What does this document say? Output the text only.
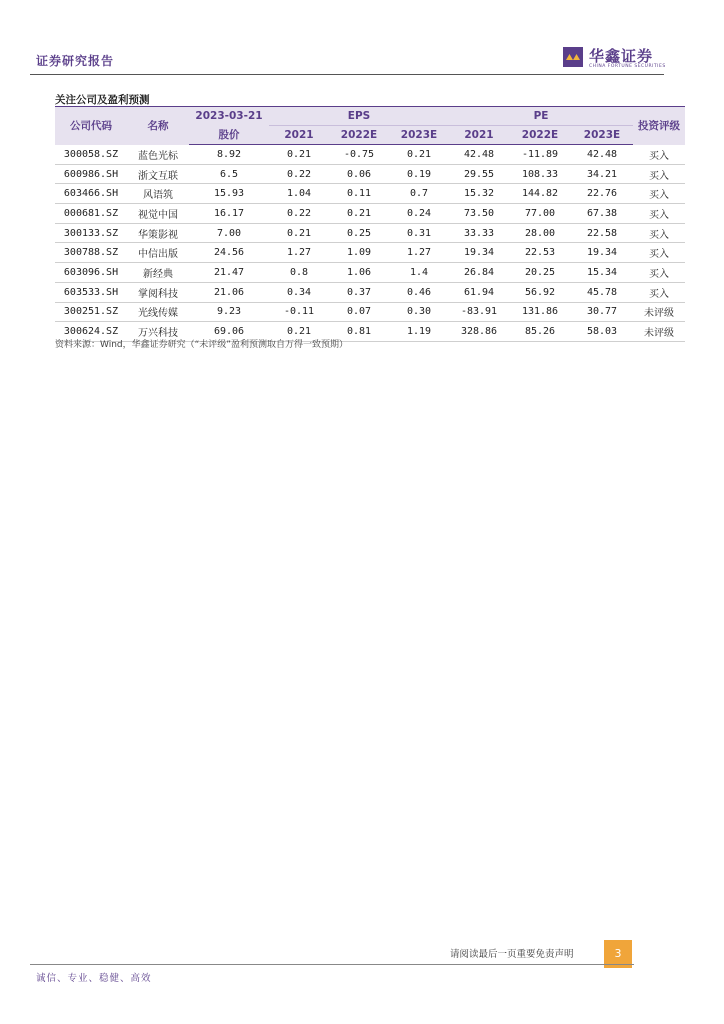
证券研究报告	华鑫证券
CHINA FORTUNE SECURITIES
关注公司及盈利预测
公司代码	名称	2023-03-21	EPS			PE			投资评级
		股价	2021	2022E	2023E	2021	2022E	2023E	
300058.SZ	蓝色光标	8.92	0.21	-0.75	0.21	42.48	-11.89	42.48	买入
600986.SH	浙文互联	6.5	0.22	0.06	0.19	29.55	108.33	34.21	买入
603466.SH	风语筑	15.93	1.04	0.11	0.7	15.32	144.82	22.76	买入
000681.SZ	视觉中国	16.17	0.22	0.21	0.24	73.50	77.00	67.38	买入
300133.SZ	华策影视	7.00	0.21	0.25	0.31	33.33	28.00	22.58	买入
300788.SZ	中信出版	24.56	1.27	1.09	1.27	19.34	22.53	19.34	买入
603096.SH	新经典	21.47	0.8	1.06	1.4	26.84	20.25	15.34	买入
603533.SH	掌阅科技	21.06	0.34	0.37	0.46	61.94	56.92	45.78	买入
300251.SZ	光线传媒	9.23	-0.11	0.07	0.30	-83.91	131.86	30.77	未评级
300624.SZ	万兴科技	69.06	0.21	0.81	1.19	328.86	85.26	58.03	未评级
资料来源：Wind，华鑫证券研究（“未评级”盈利预测取自万得一致预期）
请阅读最后一页重要免责声明	3
诚信、专业、稳健、高效
